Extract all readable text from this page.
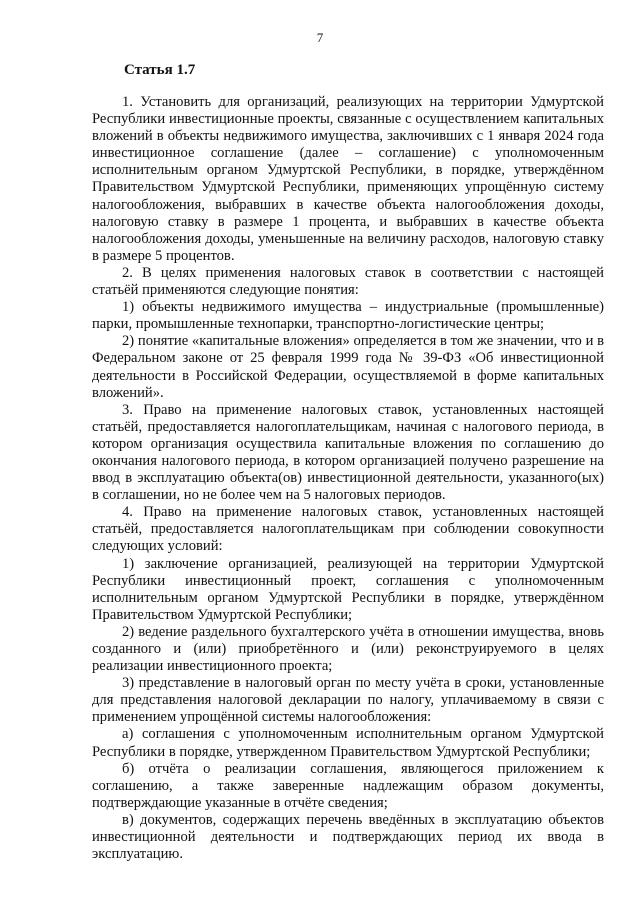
7
Статья 1.7

1. Установить для организаций, реализующих на территории Удмуртской Республики инвестиционные проекты, связанные с осуществлением капитальных вложений в объекты недвижимого имущества, заключивших с 1 января 2024 года инвестиционное соглашение (далее – соглашение) с уполномоченным исполнительным органом Удмуртской Республики, в порядке, утверждённом Правительством Удмуртской Республики, применяющих упрощённую систему налогообложения, выбравших в качестве объекта налогообложения доходы, налоговую ставку в размере 1 процента, и выбравших в качестве объекта налогообложения доходы, уменьшенные на величину расходов, налоговую ставку в размере 5 процентов.

2. В целях применения налоговых ставок в соответствии с настоящей статьёй применяются следующие понятия:

1) объекты недвижимого имущества – индустриальные (промышленные) парки, промышленные технопарки, транспортно-логистические центры;

2) понятие «капитальные вложения» определяется в том же значении, что и в Федеральном законе от 25 февраля 1999 года № 39-ФЗ «Об инвестиционной деятельности в Российской Федерации, осуществляемой в форме капитальных вложений».

3. Право на применение налоговых ставок, установленных настоящей статьёй, предоставляется налогоплательщикам, начиная с налогового периода, в котором организация осуществила капитальные вложения по соглашению до окончания налогового периода, в котором организацией получено разрешение на ввод в эксплуатацию объекта(ов) инвестиционной деятельности, указанного(ых) в соглашении, но не более чем на 5 налоговых периодов.

4. Право на применение налоговых ставок, установленных настоящей статьёй, предоставляется налогоплательщикам при соблюдении совокупности следующих условий:

1) заключение организацией, реализующей на территории Удмуртской Республики инвестиционный проект, соглашения с уполномоченным исполнительным органом Удмуртской Республики в порядке, утверждённом Правительством Удмуртской Республики;

2) ведение раздельного бухгалтерского учёта в отношении имущества, вновь созданного и (или) приобретённого и (или) реконструируемого в целях реализации инвестиционного проекта;

3) представление в налоговый орган по месту учёта в сроки, установленные для представления налоговой декларации по налогу, уплачиваемому в связи с применением упрощённой системы налогообложения:

а) соглашения с уполномоченным исполнительным органом Удмуртской Республики в порядке, утвержденном Правительством Удмуртской Республики;

б) отчёта о реализации соглашения, являющегося приложением к соглашению, а также заверенные надлежащим образом документы, подтверждающие указанные в отчёте сведения;

в) документов, содержащих перечень введённых в эксплуатацию объектов инвестиционной деятельности и подтверждающих период их ввода в эксплуатацию.
